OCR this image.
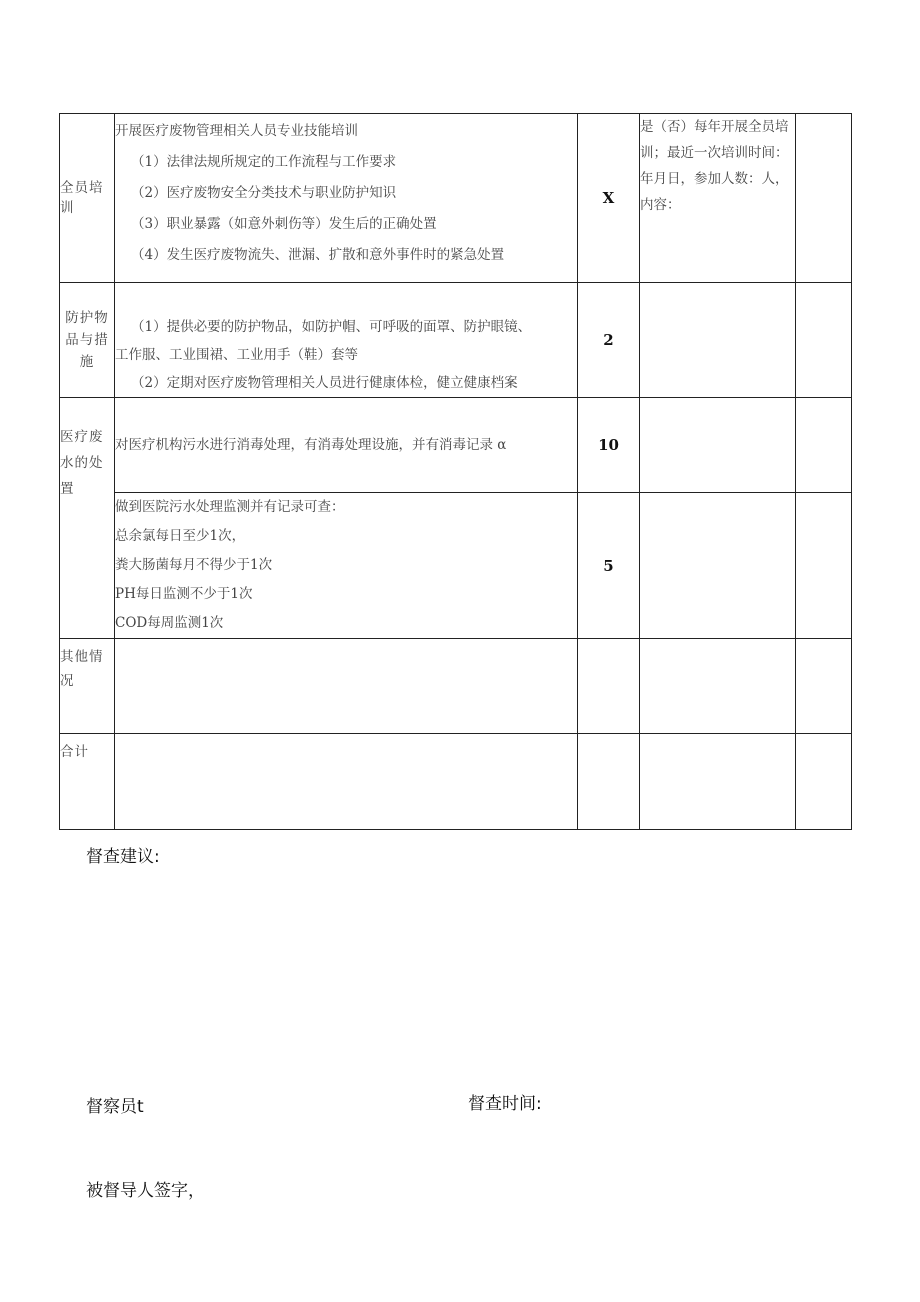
全员培训	开展医疗废物管理相关人员专业技能培训
（1）法律法规所规定的工作流程与工作要求
（2）医疗废物安全分类技术与职业防护知识
（3）职业暴露（如意外刺伤等）发生后的正确处置
（4）发生医疗废物流失、泄漏、扩散和意外事件时的紧急处置	X	是（否）每年开展全员培训；最近一次培训时间：年月日，参加人数：人，内容：	
防护物品与措施	（1）提供必要的防护物品，如防护帽、可呼吸的面罩、防护眼镜、
工作服、工业围裙、工业用手（鞋）套等
（2）定期对医疗废物管理相关人员进行健康体检，健立健康档案	2		
医疗废水的处置	对医疗机构污水进行消毒处理，有消毒处理设施，并有消毒记录 α	10		

	做到医院污水处理监测并有记录可查：
总余氯每日至少1次，
粪大肠菌每月不得少于1次
PH每日监测不少于1次
COD每周监测1次	5		
其他情况				
合计				
督查建议:
督察员t	督查时间:
被督导人签字，
